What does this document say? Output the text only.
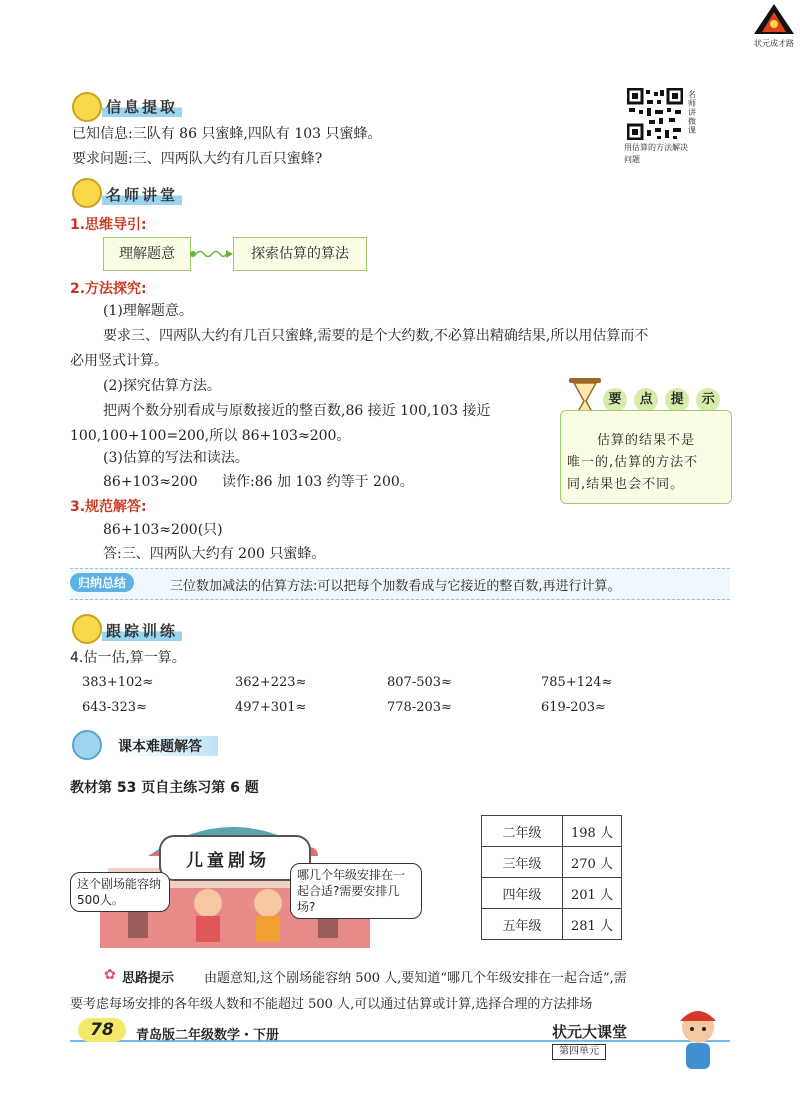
状元成才路
名师讲微课
用估算的方法解决问题
信息提取
已知信息:三队有 86 只蜜蜂,四队有 103 只蜜蜂。
要求问题:三、四两队大约有几百只蜜蜂?
名师讲堂
1.思维导引:
理解题意	探索估算的算法
2.方法探究:
(1)理解题意。
要求三、四两队大约有几百只蜜蜂,需要的是个大约数,不必算出精确结果,所以用估算而不
必用竖式计算。
(2)探究估算方法。
把两个数分别看成与原数接近的整百数,86 接近 100,103 接近
100,100+100=200,所以 86+103≈200。
(3)估算的写法和读法。
86+103≈200 读作:86 加 103 约等于 200。
要 点 提 示
估算的结果不是
唯一的,估算的方法不
同,结果也会不同。
3.规范解答:
86+103≈200(只)
答:三、四两队大约有 200 只蜜蜂。
归纳总结	三位数加减法的估算方法:可以把每个加数看成与它接近的整百数,再进行计算。
跟踪训练
4.估一估,算一算。
383+102≈	362+223≈	807-503≈	785+124≈
643-323≈	497+301≈	778-203≈	619-203≈
课本难题解答
教材第 53 页自主练习第 6 题
儿童剧场
这个剧场能容纳500人。
哪几个年级安排在一起合适?需要安排几场?
二年级	198 人
三年级	270 人
四年级	201 人
五年级	281 人
✿ 思路提示 由题意知,这个剧场能容纳 500 人,要知道“哪几个年级安排在一起合适”,需
要考虑每场安排的各年级人数和不能超过 500 人,可以通过估算或计算,选择合理的方法排场
78	青岛版二年级数学・下册	状元大课堂
第四单元
